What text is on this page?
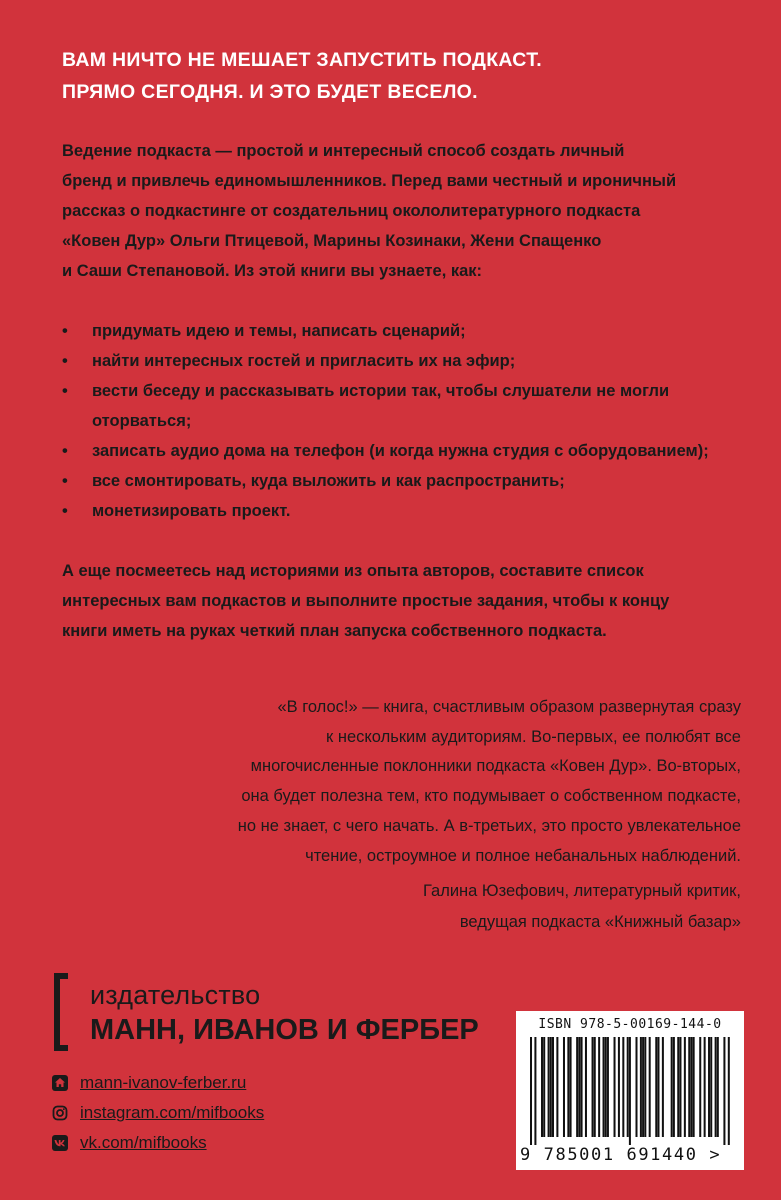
ВАМ НИЧТО НЕ МЕШАЕТ ЗАПУСТИТЬ ПОДКАСТ.
ПРЯМО СЕГОДНЯ. И ЭТО БУДЕТ ВЕСЕЛО.
Ведение подкаста — простой и интересный способ создать личный
бренд и привлечь единомышленников. Перед вами честный и ироничный
рассказ о подкастинге от создательниц окололитературного подкаста
«Ковен Дур» Ольги Птицевой, Марины Козинаки, Жени Спащенко
и Саши Степановой. Из этой книги вы узнаете, как:
• придумать идею и темы, написать сценарий;
• найти интересных гостей и пригласить их на эфир;
• вести беседу и рассказывать истории так, чтобы слушатели не могли
оторваться;
• записать аудио дома на телефон (и когда нужна студия с оборудованием);
• все смонтировать, куда выложить и как распространить;
• монетизировать проект.
А еще посмеетесь над историями из опыта авторов, составите список
интересных вам подкастов и выполните простые задания, чтобы к концу
книги иметь на руках четкий план запуска собственного подкаста.
«В голос!» — книга, счастливым образом развернутая сразу
к нескольким аудиториям. Во-первых, ее полюбят все
многочисленные поклонники подкаста «Ковен Дур». Во-вторых,
она будет полезна тем, кто подумывает о собственном подкасте,
но не знает, с чего начать. А в-третьих, это просто увлекательное
чтение, остроумное и полное небанальных наблюдений.
Галина Юзефович, литературный критик,
ведущая подкаста «Книжный базар»
издательство
МАНН, ИВАНОВ И ФЕРБЕР
mann-ivanov-ferber.ru
instagram.com/mifbooks
vk.com/mifbooks
ISBN 978-5-00169-144-0
9 785001 691440 >
